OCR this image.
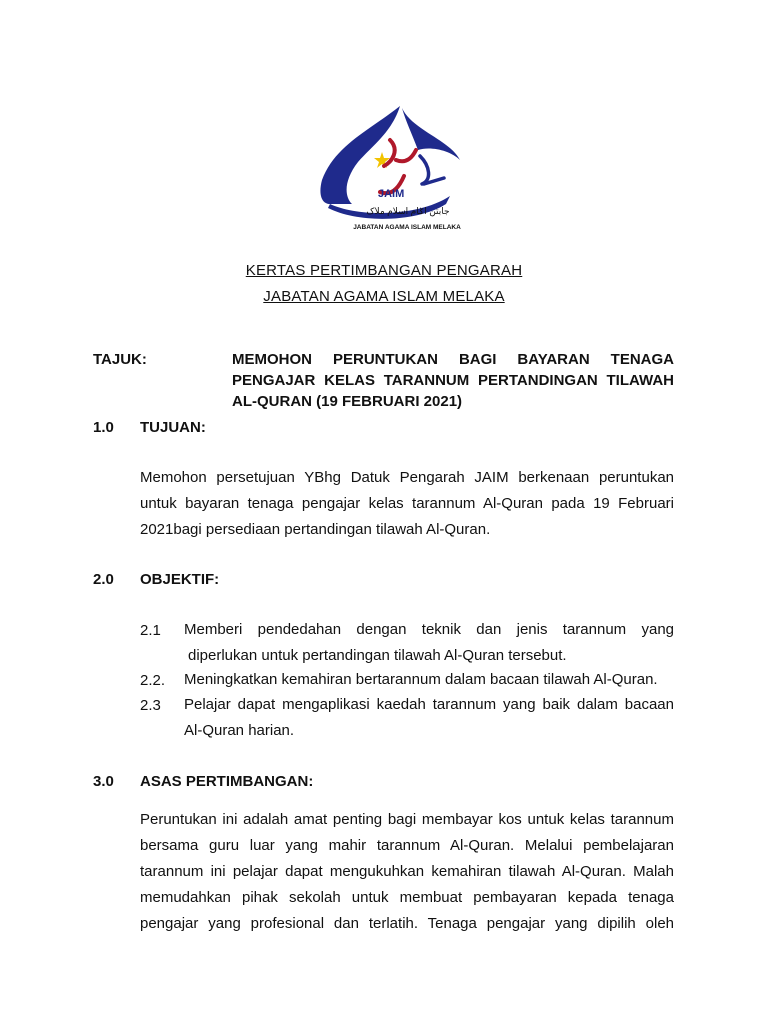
JAIM
جابتن اݢام اسلام ملاک
JABATAN AGAMA ISLAM MELAKA
KERTAS PERTIMBANGAN PENGARAH
JABATAN AGAMA ISLAM MELAKA
TAJUK:	MEMOHON PERUNTUKAN BAGI BAYARAN TENAGA
PENGAJAR KELAS TARANNUM PERTANDINGAN TILAWAH
AL-QURAN (19 FEBRUARI 2021)
1.0 TUJUAN:
Memohon persetujuan YBhg Datuk Pengarah JAIM berkenaan peruntukan
untuk bayaran tenaga pengajar kelas tarannum Al-Quran pada 19 Februari
2021bagi persediaan pertandingan tilawah Al-Quran.
2.0 OBJEKTIF:
2.1 Memberi pendedahan dengan teknik dan jenis tarannum yang
diperlukan untuk pertandingan tilawah Al-Quran tersebut.
2.2. Meningkatkan kemahiran bertarannum dalam bacaan tilawah Al-Quran.
2.3 Pelajar dapat mengaplikasi kaedah tarannum yang baik dalam bacaan
Al-Quran harian.
3.0 ASAS PERTIMBANGAN:
Peruntukan ini adalah amat penting bagi membayar kos untuk kelas tarannum
bersama guru luar yang mahir tarannum Al-Quran. Melalui pembelajaran
tarannum ini pelajar dapat mengukuhkan kemahiran tilawah Al-Quran. Malah
memudahkan pihak sekolah untuk membuat pembayaran kepada tenaga
pengajar yang profesional dan terlatih. Tenaga pengajar yang dipilih oleh
